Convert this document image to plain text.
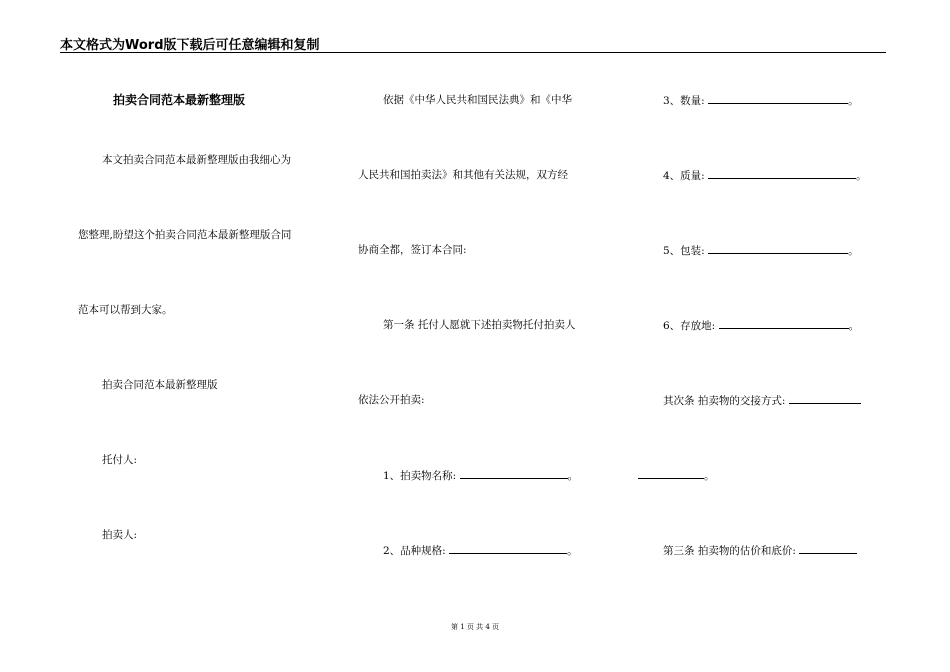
本文格式为Word版下载后可任意编辑和复制
拍卖合同范本最新整理版
本文拍卖合同范本最新整理版由我细心为
您整理,盼望这个拍卖合同范本最新整理版合同
范本可以帮到大家。
拍卖合同范本最新整理版
托付人:
拍卖人:
依据《中华人民共和国民法典》和《中华
人民共和国拍卖法》和其他有关法规，双方经
协商全都，签订本合同:
第一条 托付人愿就下述拍卖物托付拍卖人
依法公开拍卖:
1、拍卖物名称:	。
2、品种规格:	。
3、数量:	。
4、质量:	。
5、包装:	。
6、存放地:	。
其次条 拍卖物的交接方式:
。
第三条 拍卖物的估价和底价:
第 1 页 共 4 页
